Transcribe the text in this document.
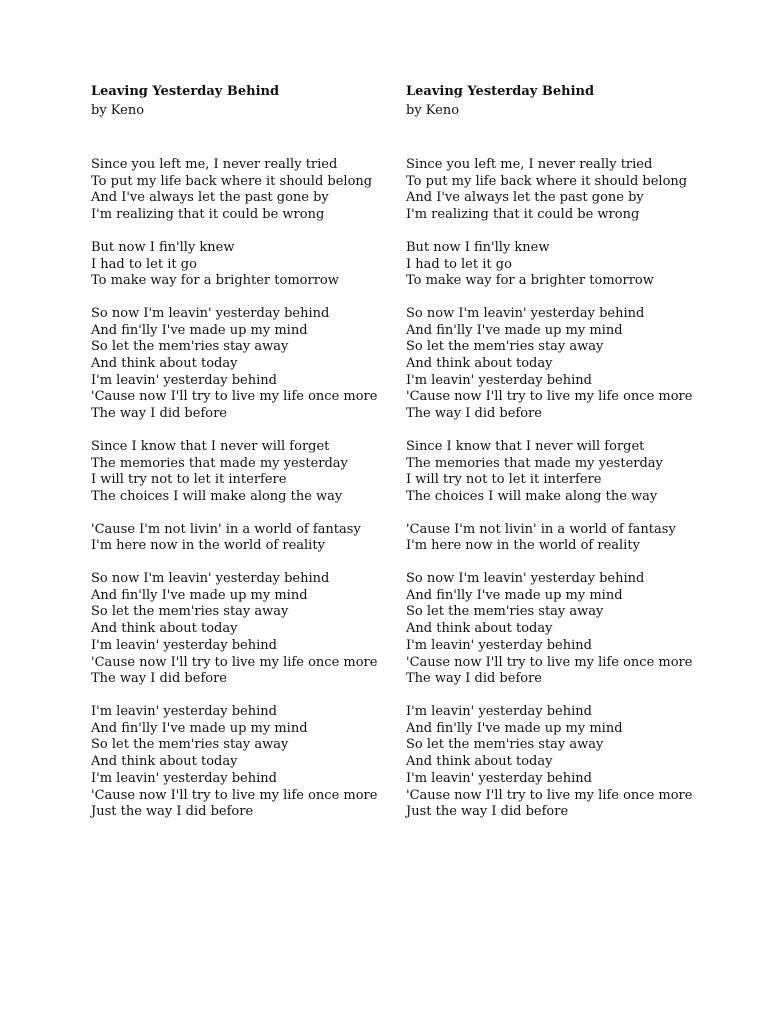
Leaving Yesterday Behind

by Keno

Since you left me, I never really tried
To put my life back where it should belong
And I've always let the past gone by
I'm realizing that it could be wrong
But now I fin'lly knew
I had to let it go
To make way for a brighter tomorrow
So now I'm leavin' yesterday behind
And fin'lly I've made up my mind
So let the mem'ries stay away
And think about today
I'm leavin' yesterday behind
'Cause now I'll try to live my life once more
The way I did before
Since I know that I never will forget
The memories that made my yesterday
I will try not to let it interfere
The choices I will make along the way
'Cause I'm not livin' in a world of fantasy
I'm here now in the world of reality
So now I'm leavin' yesterday behind
And fin'lly I've made up my mind
So let the mem'ries stay away
And think about today
I'm leavin' yesterday behind
'Cause now I'll try to live my life once more
The way I did before
I'm leavin' yesterday behind
And fin'lly I've made up my mind
So let the mem'ries stay away
And think about today
I'm leavin' yesterday behind
'Cause now I'll try to live my life once more
Just the way I did before

Leaving Yesterday Behind

by Keno

Since you left me, I never really tried
To put my life back where it should belong
And I've always let the past gone by
I'm realizing that it could be wrong
But now I fin'lly knew
I had to let it go
To make way for a brighter tomorrow
So now I'm leavin' yesterday behind
And fin'lly I've made up my mind
So let the mem'ries stay away
And think about today
I'm leavin' yesterday behind
'Cause now I'll try to live my life once more
The way I did before
Since I know that I never will forget
The memories that made my yesterday
I will try not to let it interfere
The choices I will make along the way
'Cause I'm not livin' in a world of fantasy
I'm here now in the world of reality
So now I'm leavin' yesterday behind
And fin'lly I've made up my mind
So let the mem'ries stay away
And think about today
I'm leavin' yesterday behind
'Cause now I'll try to live my life once more
The way I did before
I'm leavin' yesterday behind
And fin'lly I've made up my mind
So let the mem'ries stay away
And think about today
I'm leavin' yesterday behind
'Cause now I'll try to live my life once more
Just the way I did before
